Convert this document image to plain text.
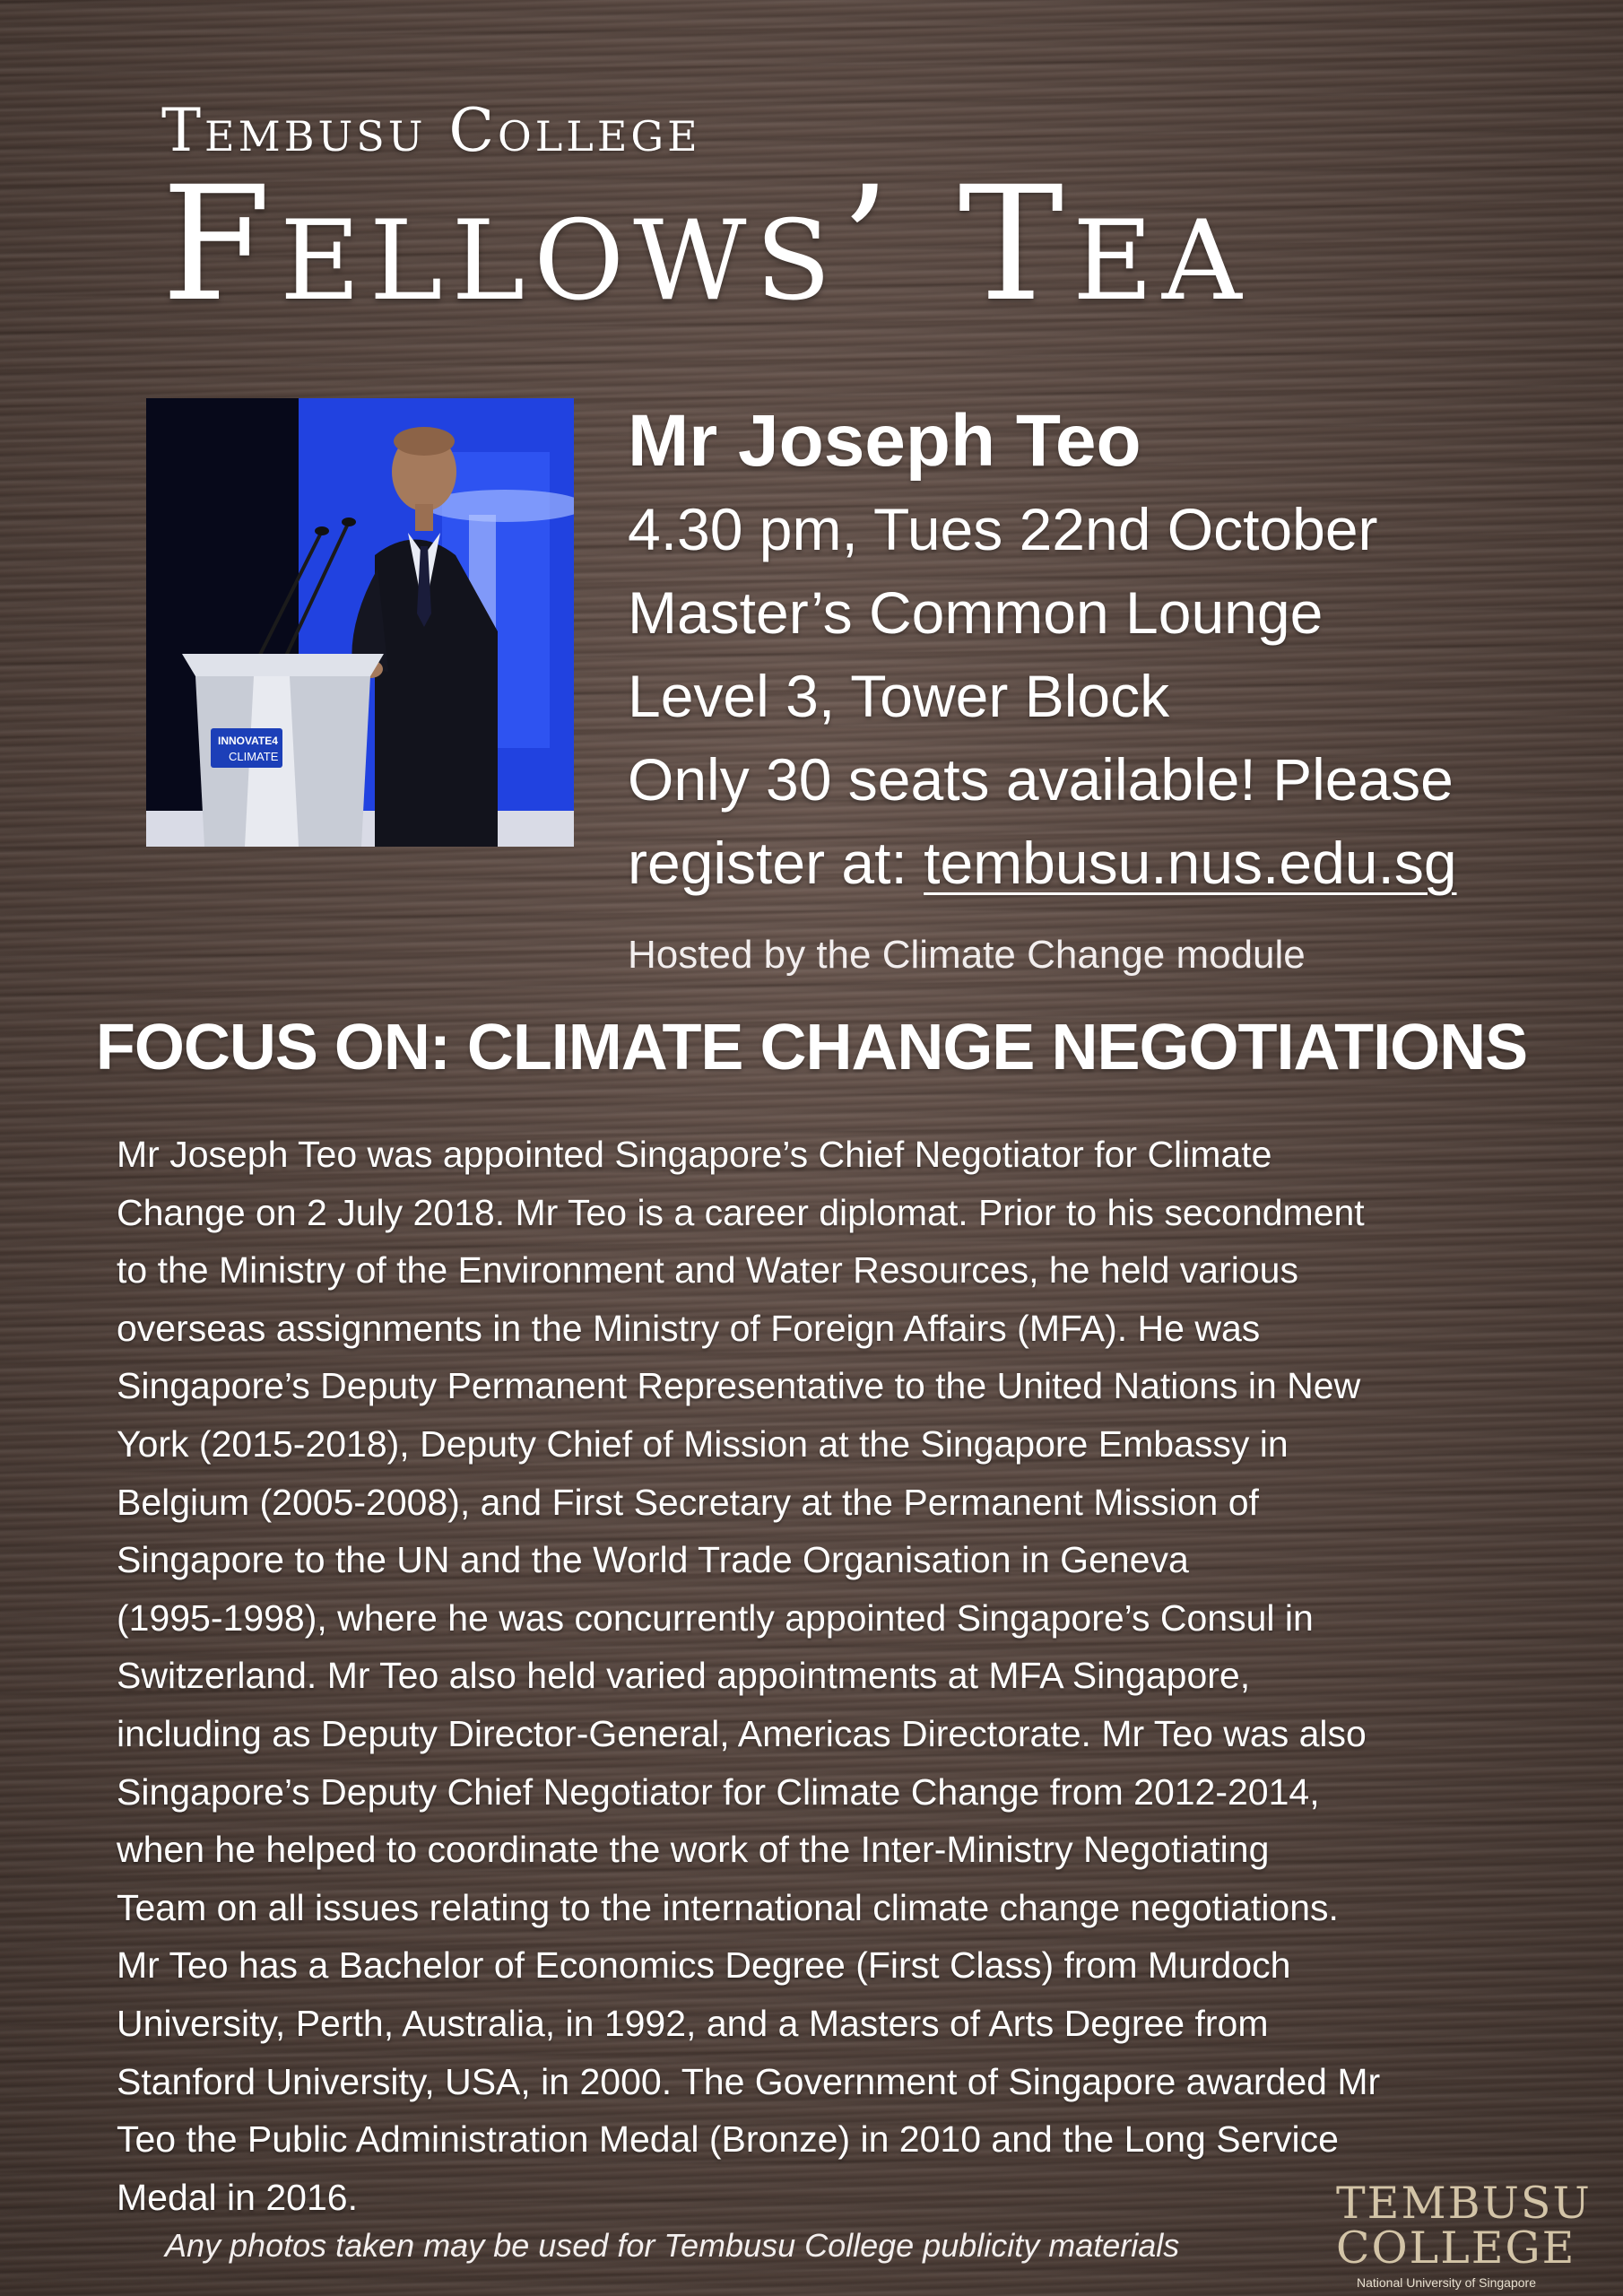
Tembusu College

Fellows’ Tea

INNOVATE4
CLIMATE

Mr Joseph Teo

4.30 pm, Tues 22nd October

Master’s Common Lounge

Level 3, Tower Block

Only 30 seats available! Please

register at: tembusu.nus.edu.sg

Hosted by the Climate Change module

FOCUS ON: CLIMATE CHANGE NEGOTIATIONS

Mr Joseph Teo was appointed Singapore’s Chief Negotiator for Climate

Change on 2 July 2018. Mr Teo is a career diplomat. Prior to his secondment

to the Ministry of the Environment and Water Resources, he held various

overseas assignments in the Ministry of Foreign Affairs (MFA). He was

Singapore’s Deputy Permanent Representative to the United Nations in New

York (2015-2018), Deputy Chief of Mission at the Singapore Embassy in

Belgium (2005-2008), and First Secretary at the Permanent Mission of

Singapore to the UN and the World Trade Organisation in Geneva

(1995-1998), where he was concurrently appointed Singapore’s Consul in

Switzerland. Mr Teo also held varied appointments at MFA Singapore,

including as Deputy Director-General, Americas Directorate. Mr Teo was also

Singapore’s Deputy Chief Negotiator for Climate Change from 2012-2014,

when he helped to coordinate the work of the Inter-Ministry Negotiating

Team on all issues relating to the international climate change negotiations.

Mr Teo has a Bachelor of Economics Degree (First Class) from Murdoch

University, Perth, Australia, in 1992, and a Masters of Arts Degree from

Stanford University, USA, in 2000. The Government of Singapore awarded Mr

Teo the Public Administration Medal (Bronze) in 2010 and the Long Service

Medal in 2016.

Any photos taken may be used for Tembusu College publicity materials

TEMBUSU

COLLEGE

National University of Singapore
